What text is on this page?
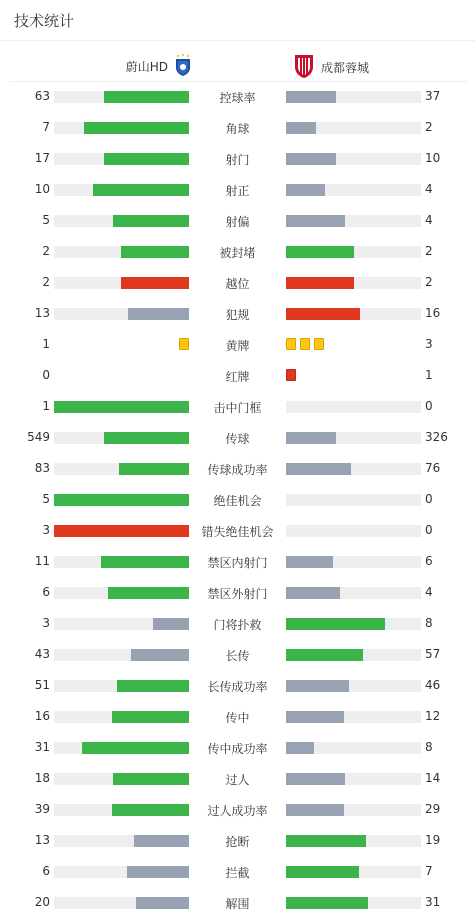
技术统计
蔚山HD	成都蓉城
63	控球率	37
7	角球	2
17	射门	10
10	射正	4
5	射偏	4
2	被封堵	2
2	越位	2
13	犯规	16
1	黄牌	3
0	红牌	1
1	击中门框	0
549	传球	326
83	传球成功率	76
5	绝佳机会	0
3	错失绝佳机会	0
11	禁区内射门	6
6	禁区外射门	4
3	门将扑救	8
43	长传	57
51	长传成功率	46
16	传中	12
31	传中成功率	8
18	过人	14
39	过人成功率	29
13	抢断	19
6	拦截	7
20	解围	31
